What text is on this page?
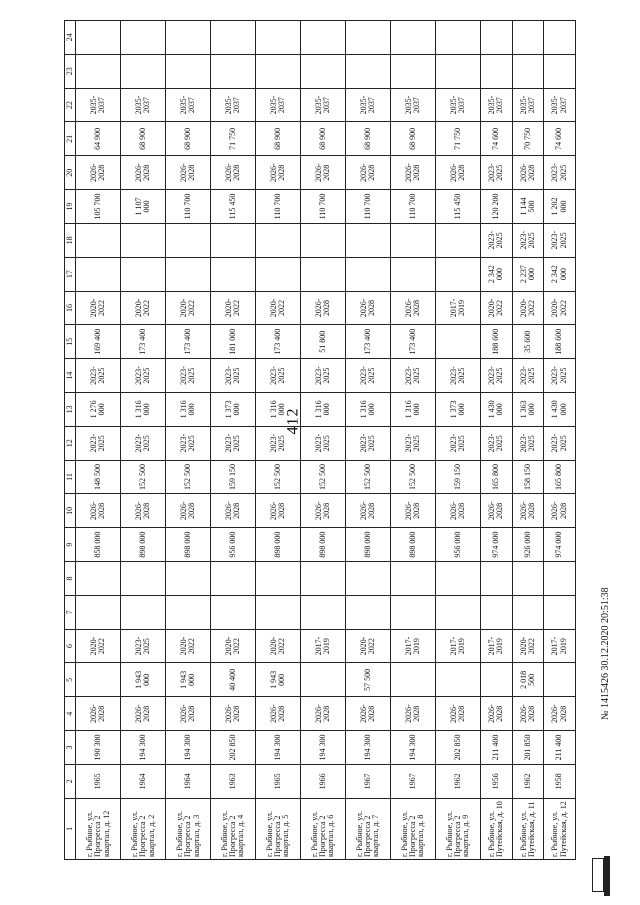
412
1	2	3	4	5	6	7	8	9	10	11	12	13	14	15	16	17	18	19	20	21	22	23	24
г. Рыбное, ул. Прогресса 2 квартал, д. 12	1965	190 300	2026-2028		2020-2022			858 000	2026-2028	148 500	2023-2025	1 276 000	2023-2025	169 400	2020-2022			105 700	2026-2028	64 900	2035-2037		
г. Рыбное, ул. Прогресса 2 квартал, д. 2	1964	194 300	2026-2028	1 943 000	2023-2025			898 000	2026-2028	152 500	2023-2025	1 316 000	2023-2025	173 400	2020-2022			1 107 000	2026-2028	68 900	2035-2037		
г. Рыбное, ул. Прогресса 2 квартал, д. 3	1964	194 300	2026-2028	1 943 000	2020-2022			898 000	2026-2028	152 500	2023-2025	1 316 000	2023-2025	173 400	2020-2022			110 700	2026-2028	68 900	2035-2037		
г. Рыбное, ул. Прогресса 2 квартал, д. 4	1963	202 850	2026-2028	40 400	2020-2022			956 000	2026-2028	159 150	2023-2025	1 373 000	2023-2025	181 000	2020-2022			115 450	2026-2028	71 750	2035-2037		
г. Рыбное, ул. Прогресса 2 квартал, д. 5	1965	194 300	2026-2028	1 943 000	2020-2022			898 000	2026-2028	152 500	2023-2025	1 316 000	2023-2025	173 400	2020-2022			110 700	2026-2028	68 900	2035-2037		
г. Рыбное, ул. Прогресса 2 квартал, д. 6	1966	194 300	2026-2028		2017-2019			898 000	2026-2028	152 500	2023-2025	1 316 000	2023-2025	51 800	2026-2028			110 700	2026-2028	68 900	2035-2037		
г. Рыбное, ул. Прогресса 2 квартал, д. 7	1967	194 300	2026-2028	57 500	2020-2022			898 000	2026-2028	152 500	2023-2025	1 316 000	2023-2025	173 400	2026-2028			110 700	2026-2028	68 900	2035-2037		
г. Рыбное, ул. Прогресса 2 квартал, д. 8	1967	194 300	2026-2028		2017-2019			898 000	2026-2028	152 500	2023-2025	1 316 000	2023-2025	173 400	2026-2028			110 700	2026-2028	68 900	2035-2037		
г. Рыбное, ул. Прогресса 2 квартал, д. 9	1962	202 850	2026-2028		2017-2019			956 000	2026-2028	159 150	2023-2025	1 373 000	2023-2025		2017-2019			115 450	2026-2028	71 750	2035-2037		
г. Рыбное, ул. Путейская, д. 10	1956	211 400	2026-2028		2017-2019			974 000	2026-2028	165 800	2023-2025	1 430 000	2023-2025	188 600	2020-2022	2 342 000	2023-2025	120 200	2023-2025	74 600	2035-2037		
г. Рыбное, ул. Путейская, д. 11	1962	201 850	2026-2028	2 018 500	2020-2022			926 000	2026-2028	158 150	2023-2025	1 363 000	2023-2025	35 600	2020-2022	2 237 000	2023-2025	1 144 500	2026-2028	70 750	2035-2037		
г. Рыбное, ул. Путейская, д. 12	1958	211 400	2026-2028		2017-2019			974 000	2026-2028	165 800	2023-2025	1 430 000	2023-2025	188 600	2020-2022	2 342 000	2023-2025	1 202 000	2023-2025	74 600	2035-2037		
№ 1415426 30.12.2020 20:51:38
